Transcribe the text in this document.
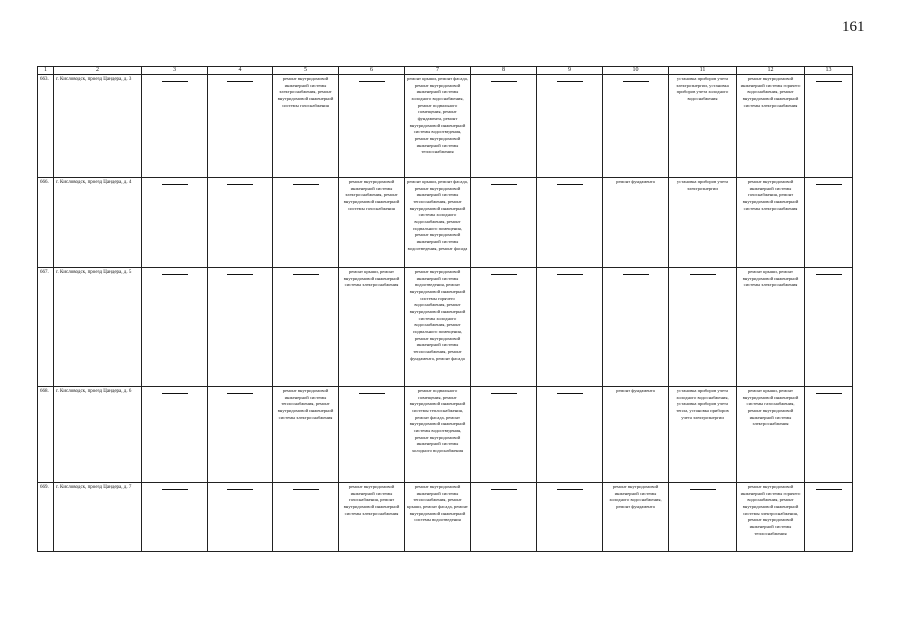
161
1	2	3	4	5	6	7	8	9	10	11	12	13
663.	г. Кисловодск, проезд Цандера, д. 3			ремонт внутридомовой инженерной системы электроснабжения, ремонт внутридомовой инженерной системы газоснабжения		ремонт крыши, ремонт фасада, ремонт внутридомовой инженерной системы холодного водоснабжения, ремонт подвального помещения, ремонт фундамента, ремонт внутридомовой инженерной системы водоотведения, ремонт внутридомовой инженерной системы теплоснабжения				установка приборов учета электроэнергии, установка приборов учета холодного водоснабжения	ремонт внутридомовой инженерной системы горячего водоснабжения, ремонт внутридомовой инженерной системы электроснабжения	
666.	г. Кисловодск, проезд Цандера, д. 4				ремонт внутридомовой инженерной системы электроснабжения, ремонт внутридомовой инженерной системы газоснабжения	ремонт крыши, ремонт фасада, ремонт внутридомовой инженерной системы теплоснабжения, ремонт внутридомовой инженерной системы холодного водоснабжения, ремонт подвального помещения, ремонт внутридомовой инженерной системы водоотведения, ремонт фасада			ремонт фундамента	установка приборов учета электроэнергии	ремонт внутридомовой инженерной системы газоснабжения, ремонт внутридомовой инженерной системы электроснабжения	
667.	г. Кисловодск, проезд Цандера, д. 5				ремонт крыши, ремонт внутридомовой инженерной системы электроснабжения	ремонт внутридомовой инженерной системы водоотведения, ремонт внутридомовой инженерной системы горячего водоснабжения, ремонт внутридомовой инженерной системы холодного водоснабжения, ремонт подвального помещения, ремонт внутридомовой инженерной системы теплоснабжения, ремонт фундамента, ремонт фасада					ремонт крыши, ремонт внутридомовой инженерной системы электроснабжения	
668.	г. Кисловодск, проезд Цандера, д. 6			ремонт внутридомовой инженерной системы теплоснабжения, ремонт внутридомовой инженерной системы электроснабжения		ремонт подвального помещения, ремонт внутридомовой инженерной системы теплоснабжения, ремонт фасада, ремонт внутридомовой инженерной системы водоотведения, ремонт внутридомовой инженерной системы холодного водоснабжения			ремонт фундамента	установка приборов учета холодного водоснабжения, установка приборов учета тепла, установка приборов учета электроэнергии	ремонт крыши, ремонт внутридомовой инженерной системы газоснабжения, ремонт внутридомовой инженерной системы электроснабжения	
669.	г. Кисловодск, проезд Цандера, д. 7				ремонт внутридомовой инженерной системы газоснабжения, ремонт внутридомовой инженерной системы электроснабжения	ремонт внутридомовой инженерной системы теплоснабжения, ремонт крыши, ремонт фасада, ремонт внутридомовой инженерной системы водоотведения			ремонт внутридомовой инженерной системы холодного водоснабжения, ремонт фундамента		ремонт внутридомовой инженерной системы горячего водоснабжения, ремонт внутридомовой инженерной системы электроснабжения, ремонт внутридомовой инженерной системы теплоснабжения	
